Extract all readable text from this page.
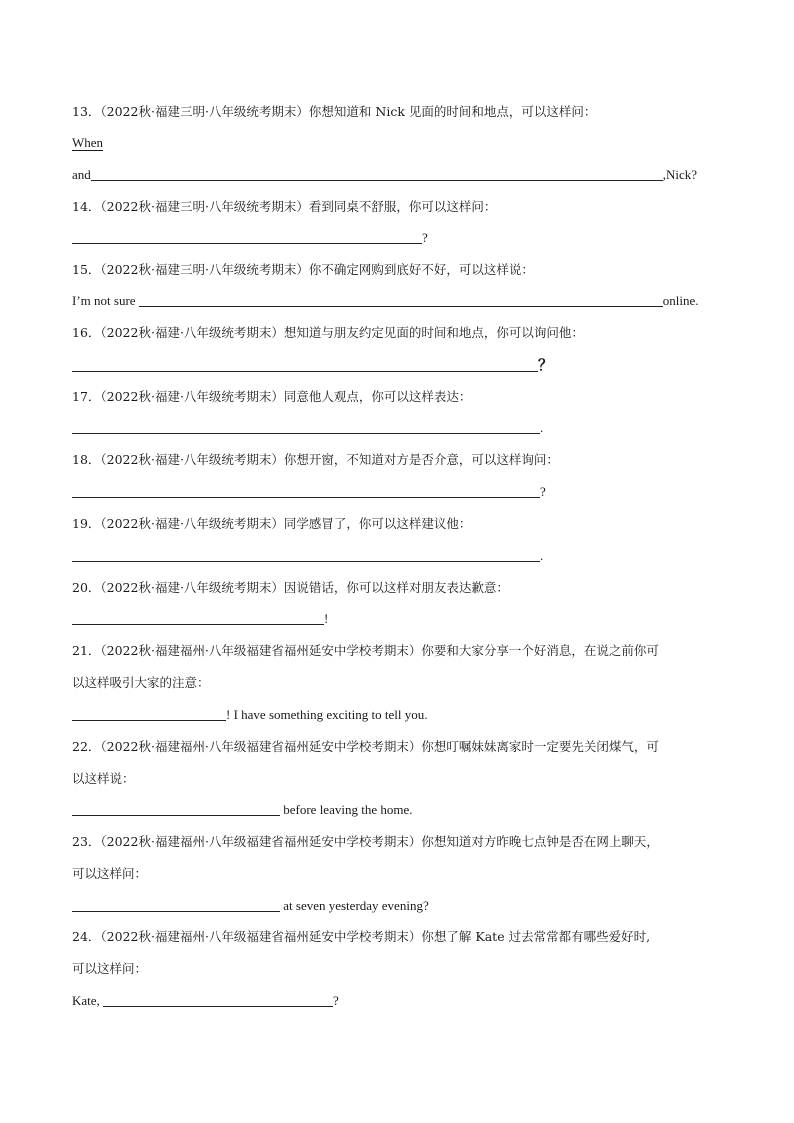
13．（2022秋·福建三明·八年级统考期末）你想知道和 Nick 见面的时间和地点，可以这样问：
When
and	,Nick?
14．（2022秋·福建三明·八年级统考期末）看到同桌不舒服，你可以这样问：
?
15．（2022秋·福建三明·八年级统考期末）你不确定网购到底好不好，可以这样说：
I’m not sure	online.
16．（2022秋·福建·八年级统考期末）想知道与朋友约定见面的时间和地点，你可以询问他：
？
17．（2022秋·福建·八年级统考期末）同意他人观点，你可以这样表达：
.
18．（2022秋·福建·八年级统考期末）你想开窗，不知道对方是否介意，可以这样询问：
?
19．（2022秋·福建·八年级统考期末）同学感冒了，你可以这样建议他：
.
20．（2022秋·福建·八年级统考期末）因说错话，你可以这样对朋友表达歉意：
!
21．（2022秋·福建福州·八年级福建省福州延安中学校考期末）你要和大家分享一个好消息，在说之前你可
以这样吸引大家的注意：
! I have something exciting to tell you.
22．（2022秋·福建福州·八年级福建省福州延安中学校考期末）你想叮嘱妹妹离家时一定要先关闭煤气，可
以这样说：
before leaving the home.
23．（2022秋·福建福州·八年级福建省福州延安中学校考期末）你想知道对方昨晚七点钟是否在网上聊天，
可以这样问：
at seven yesterday evening?
24．（2022秋·福建福州·八年级福建省福州延安中学校考期末）你想了解 Kate 过去常常都有哪些爱好时,
可以这样问：
Kate,	?
